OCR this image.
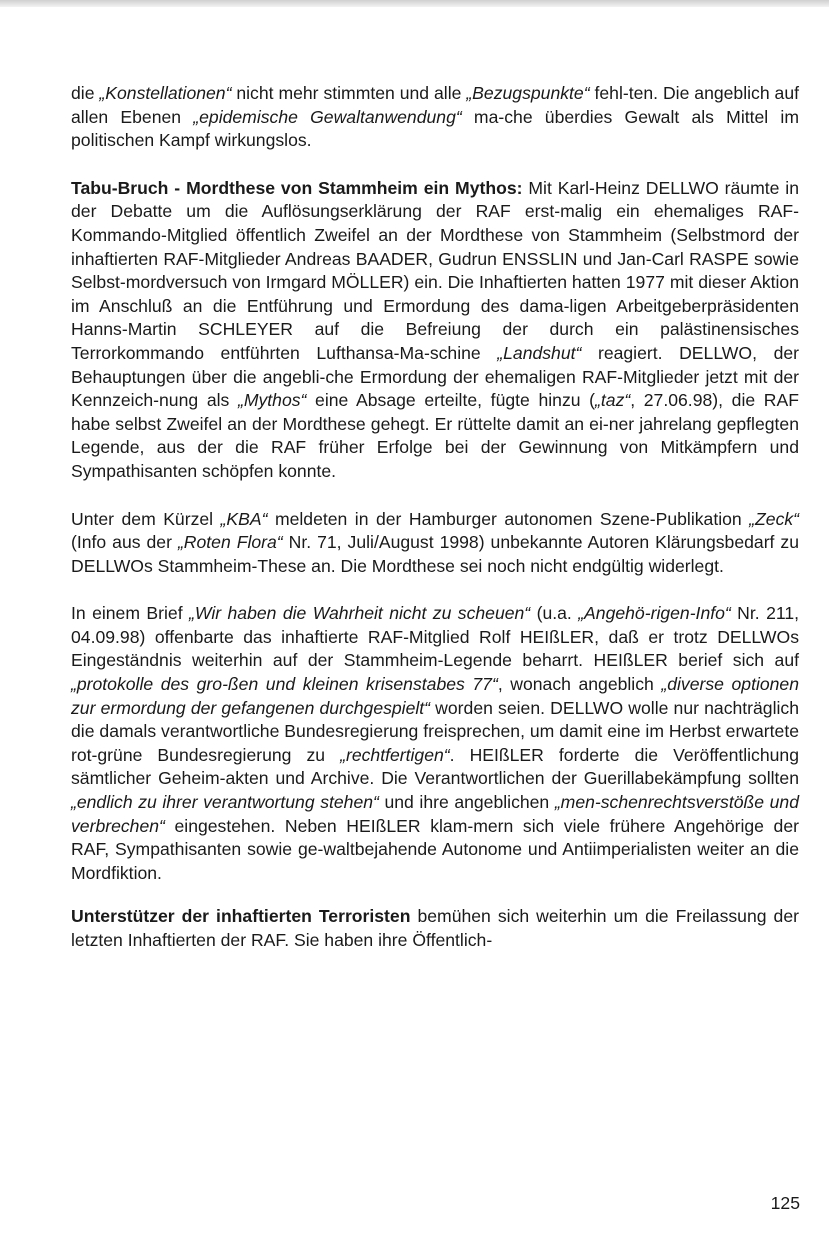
die „Konstellationen“ nicht mehr stimmten und alle „Bezugspunkte“ fehl-ten. Die angeblich auf allen Ebenen „epidemische Gewaltanwendung“ ma-che überdies Gewalt als Mittel im politischen Kampf wirkungslos.

Tabu-Bruch - Mordthese von Stammheim ein Mythos: Mit Karl-Heinz DELLWO räumte in der Debatte um die Auflösungserklärung der RAF erst-malig ein ehemaliges RAF-Kommando-Mitglied öffentlich Zweifel an der Mordthese von Stammheim (Selbstmord der inhaftierten RAF-Mitglieder Andreas BAADER, Gudrun ENSSLIN und Jan-Carl RASPE sowie Selbst-mordversuch von Irmgard MÖLLER) ein. Die Inhaftierten hatten 1977 mit dieser Aktion im Anschluß an die Entführung und Ermordung des dama-ligen Arbeitgeberpräsidenten Hanns-Martin SCHLEYER auf die Befreiung der durch ein palästinensisches Terrorkommando entführten Lufthansa-Ma-schine „Landshut“ reagiert. DELLWO, der Behauptungen über die angebli-che Ermordung der ehemaligen RAF-Mitglieder jetzt mit der Kennzeich-nung als „Mythos“ eine Absage erteilte, fügte hinzu („taz“, 27.06.98), die RAF habe selbst Zweifel an der Mordthese gehegt. Er rüttelte damit an ei-ner jahrelang gepflegten Legende, aus der die RAF früher Erfolge bei der Gewinnung von Mitkämpfern und Sympathisanten schöpfen konnte.

Unter dem Kürzel „KBA“ meldeten in der Hamburger autonomen Szene-Publikation „Zeck“ (Info aus der „Roten Flora“ Nr. 71, Juli/August 1998) unbekannte Autoren Klärungsbedarf zu DELLWOs Stammheim-These an. Die Mordthese sei noch nicht endgültig widerlegt.

In einem Brief „Wir haben die Wahrheit nicht zu scheuen“ (u.a. „Angehö-rigen-Info“ Nr. 211, 04.09.98) offenbarte das inhaftierte RAF-Mitglied Rolf HEIßLER, daß er trotz DELLWOs Eingeständnis weiterhin auf der Stammheim-Legende beharrt. HEIßLER berief sich auf „protokolle des gro-ßen und kleinen krisenstabes 77“, wonach angeblich „diverse optionen zur ermordung der gefangenen durchgespielt“ worden seien. DELLWO wolle nur nachträglich die damals verantwortliche Bundesregierung freisprechen, um damit eine im Herbst erwartete rot-grüne Bundesregierung zu „rechtfertigen“. HEIßLER forderte die Veröffentlichung sämtlicher Geheim-akten und Archive. Die Verantwortlichen der Guerillabekämpfung sollten „endlich zu ihrer verantwortung stehen“ und ihre angeblichen „men-schenrechtsverstöße und verbrechen“ eingestehen. Neben HEIßLER klam-mern sich viele frühere Angehörige der RAF, Sympathisanten sowie ge-waltbejahende Autonome und Antiimperialisten weiter an die Mordfiktion.

Unterstützer der inhaftierten Terroristen bemühen sich weiterhin um die Freilassung der letzten Inhaftierten der RAF. Sie haben ihre Öffentlich-

125
